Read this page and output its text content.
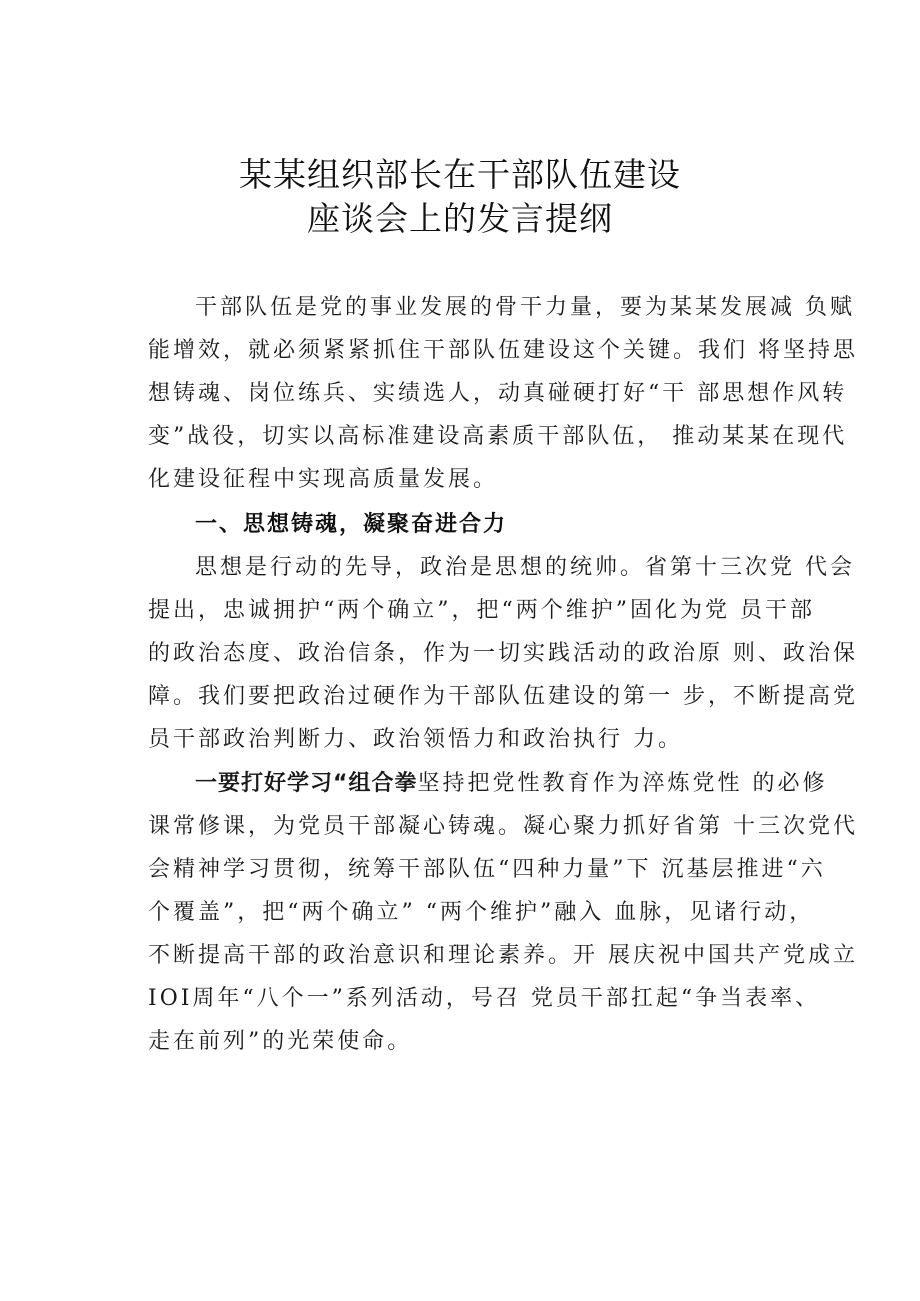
某某组织部长在干部队伍建设
座谈会上的发言提纲
干部队伍是党的事业发展的骨干力量，要为某某发展减 负赋
能增效，就必须紧紧抓住干部队伍建设这个关键。我们 将坚持思
想铸魂、岗位练兵、实绩选人，动真碰硬打好“干 部思想作风转
变”战役，切实以高标准建设高素质干部队伍， 推动某某在现代
化建设征程中实现高质量发展。
一、思想铸魂，凝聚奋进合力
思想是行动的先导，政治是思想的统帅。省第十三次党 代会
提出，忠诚拥护“两个确立”，把“两个维护”固化为党 员干部
的政治态度、政治信条，作为一切实践活动的政治原 则、政治保
障。我们要把政治过硬作为干部队伍建设的第一 步，不断提高党
员干部政治判断力、政治领悟力和政治执行 力。
一要打好学习“组合拳坚持把党性教育作为淬炼党性 的必修
课常修课，为党员干部凝心铸魂。凝心聚力抓好省第 十三次党代
会精神学习贯彻，统筹干部队伍“四种力量”下 沉基层推进“六
个覆盖”，把“两个确立” “两个维护”融入 血脉，见诸行动，
不断提高干部的政治意识和理论素养。开 展庆祝中国共产党成立
IOI周年“八个一”系列活动，号召 党员干部扛起“争当表率、
走在前列”的光荣使命。
